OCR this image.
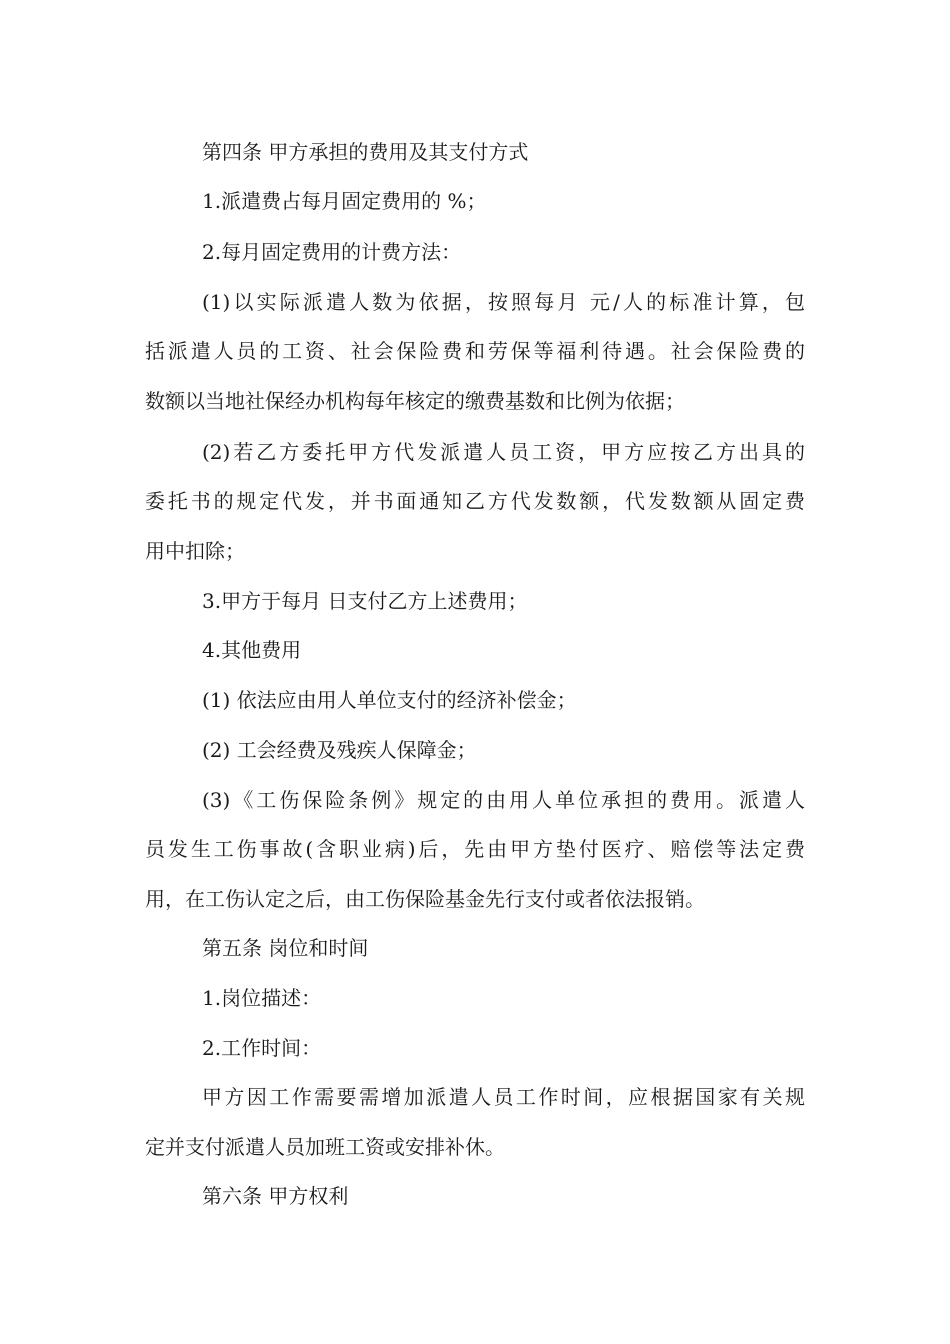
第四条 甲方承担的费用及其支付方式
1.派遣费占每月固定费用的 %；
2.每月固定费用的计费方法：
(1)以实际派遣人数为依据，按照每月 元/人的标准计算，包
括派遣人员的工资、社会保险费和劳保等福利待遇。社会保险费的
数额以当地社保经办机构每年核定的缴费基数和比例为依据；
(2)若乙方委托甲方代发派遣人员工资，甲方应按乙方出具的
委托书的规定代发，并书面通知乙方代发数额，代发数额从固定费
用中扣除；
3.甲方于每月 日支付乙方上述费用；
4.其他费用
(1) 依法应由用人单位支付的经济补偿金；
(2) 工会经费及残疾人保障金；
(3)《工伤保险条例》规定的由用人单位承担的费用。派遣人
员发生工伤事故(含职业病)后，先由甲方垫付医疗、赔偿等法定费
用，在工伤认定之后，由工伤保险基金先行支付或者依法报销。
第五条 岗位和时间
1.岗位描述：
2.工作时间：
甲方因工作需要需增加派遣人员工作时间，应根据国家有关规
定并支付派遣人员加班工资或安排补休。
第六条 甲方权利
